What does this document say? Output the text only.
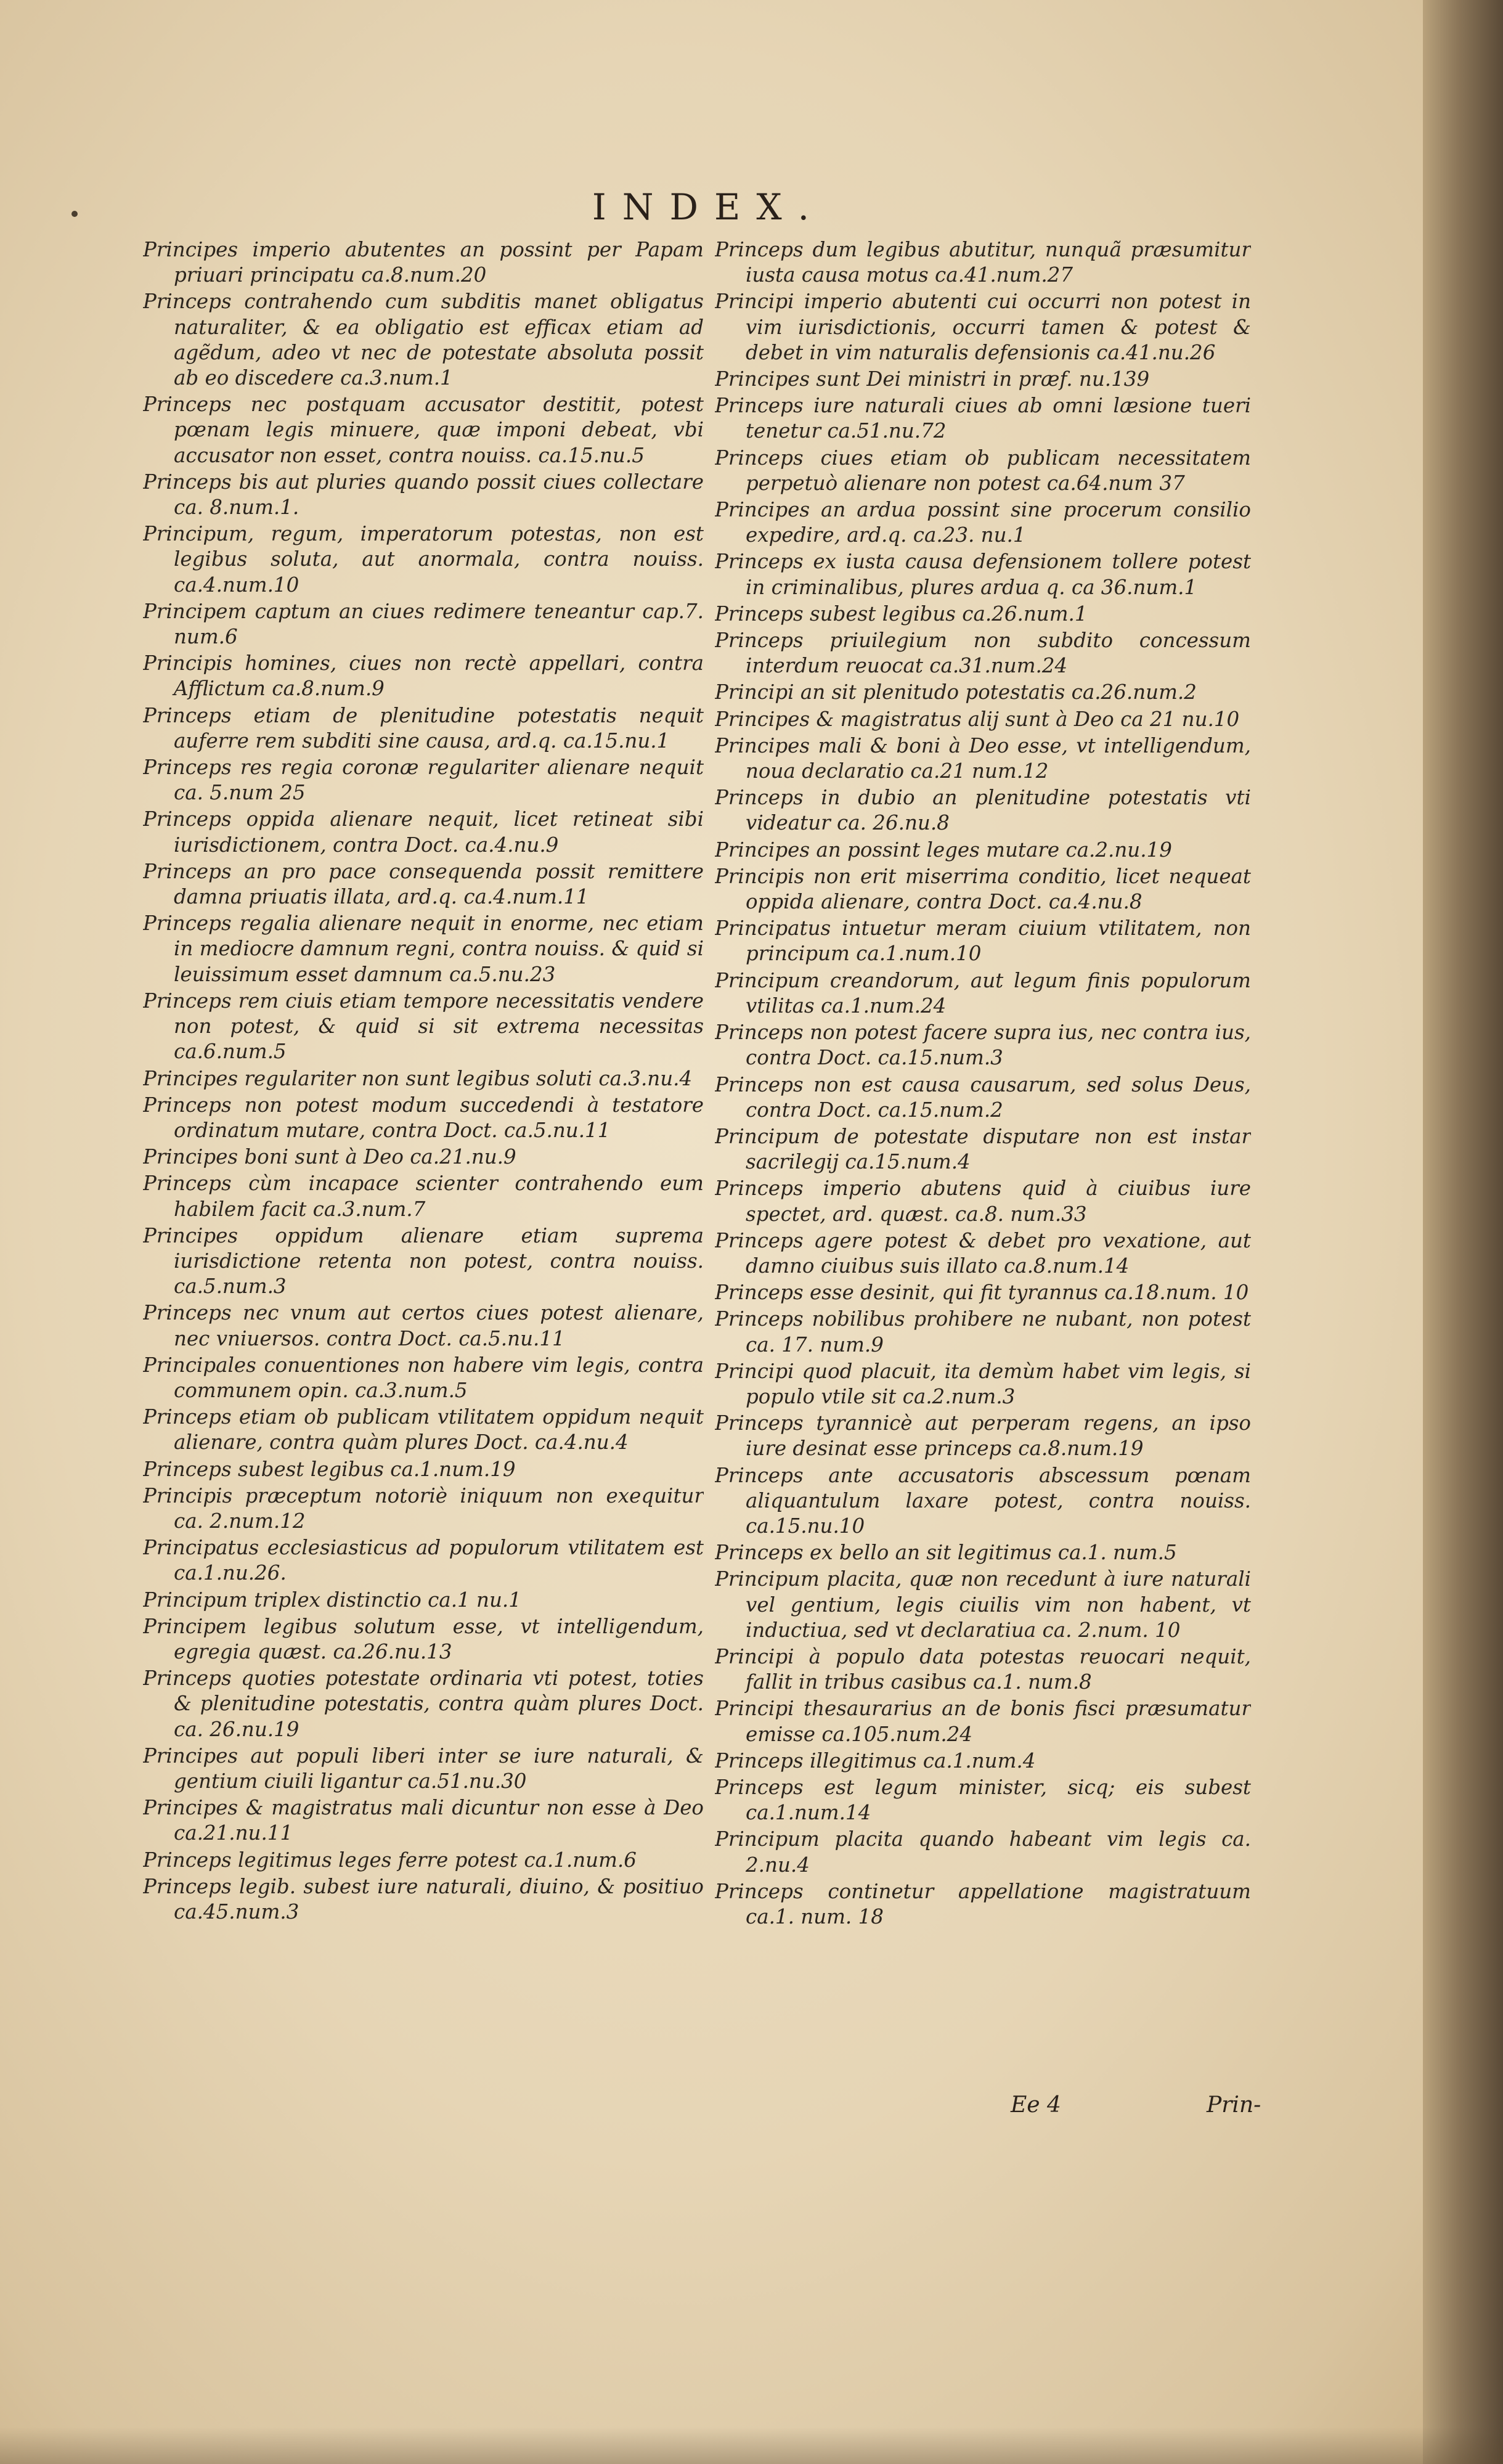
INDEX.

Principes imperio abutentes an possint per Papam priuari principatu ca.8.num.20

Princeps contrahendo cum subditis manet obligatus naturaliter, & ea obligatio est efficax etiam ad agẽdum, adeo vt nec de potestate absoluta possit ab eo discedere ca.3.num.1

Princeps nec postquam accusator destitit, potest pœnam legis minuere, quæ imponi debeat, vbi accusator non esset, contra nouiss. ca.15.nu.5

Princeps bis aut pluries quando possit ciues collectare ca. 8.num.1.

Principum, regum, imperatorum potestas, non est legibus soluta, aut anormala, contra nouiss. ca.4.num.10

Principem captum an ciues redimere teneantur cap.7. num.6

Principis homines, ciues non rectè appellari, contra Afflictum ca.8.num.9

Princeps etiam de plenitudine potestatis nequit auferre rem subditi sine causa, ard.q. ca.15.nu.1

Princeps res regia coronæ regulariter alienare nequit ca. 5.num 25

Princeps oppida alienare nequit, licet retineat sibi iurisdictionem, contra Doct. ca.4.nu.9

Princeps an pro pace consequenda possit remittere damna priuatis illata, ard.q. ca.4.num.11

Princeps regalia alienare nequit in enorme, nec etiam in mediocre damnum regni, contra nouiss. & quid si leuissimum esset damnum ca.5.nu.23

Princeps rem ciuis etiam tempore necessitatis vendere non potest, & quid si sit extrema necessitas ca.6.num.5

Principes regulariter non sunt legibus soluti ca.3.nu.4

Princeps non potest modum succedendi à testatore ordinatum mutare, contra Doct. ca.5.nu.11

Principes boni sunt à Deo ca.21.nu.9

Princeps cùm incapace scienter contrahendo eum habilem facit ca.3.num.7

Principes oppidum alienare etiam suprema iurisdictione retenta non potest, contra nouiss. ca.5.num.3

Princeps nec vnum aut certos ciues potest alienare, nec vniuersos. contra Doct. ca.5.nu.11

Principales conuentiones non habere vim legis, contra communem opin. ca.3.num.5

Princeps etiam ob publicam vtilitatem oppidum nequit alienare, contra quàm plures Doct. ca.4.nu.4

Princeps subest legibus ca.1.num.19

Principis præceptum notoriè iniquum non exequitur ca. 2.num.12

Principatus ecclesiasticus ad populorum vtilitatem est ca.1.nu.26.

Principum triplex distinctio ca.1 nu.1

Principem legibus solutum esse, vt intelligendum, egregia quæst. ca.26.nu.13

Princeps quoties potestate ordinaria vti potest, toties & plenitudine potestatis, contra quàm plures Doct. ca. 26.nu.19

Principes aut populi liberi inter se iure naturali, & gentium ciuili ligantur ca.51.nu.30

Principes & magistratus mali dicuntur non esse à Deo ca.21.nu.11

Princeps legitimus leges ferre potest ca.1.num.6

Princeps legib. subest iure naturali, diuino, & positiuo ca.45.num.3

Princeps dum legibus abutitur, nunquã præsumitur iusta causa motus ca.41.num.27

Principi imperio abutenti cui occurri non potest in vim iurisdictionis, occurri tamen & potest & debet in vim naturalis defensionis ca.41.nu.26

Principes sunt Dei ministri in præf. nu.139

Princeps iure naturali ciues ab omni læsione tueri tenetur ca.51.nu.72

Princeps ciues etiam ob publicam necessitatem perpetuò alienare non potest ca.64.num 37

Principes an ardua possint sine procerum consilio expedire, ard.q. ca.23. nu.1

Princeps ex iusta causa defensionem tollere potest in criminalibus, plures ardua q. ca 36.num.1

Princeps subest legibus ca.26.num.1

Princeps priuilegium non subdito concessum interdum reuocat ca.31.num.24

Principi an sit plenitudo potestatis ca.26.num.2

Principes & magistratus alij sunt à Deo ca 21 nu.10

Principes mali & boni à Deo esse, vt intelligendum, noua declaratio ca.21 num.12

Princeps in dubio an plenitudine potestatis vti videatur ca. 26.nu.8

Principes an possint leges mutare ca.2.nu.19

Principis non erit miserrima conditio, licet nequeat oppida alienare, contra Doct. ca.4.nu.8

Principatus intuetur meram ciuium vtilitatem, non principum ca.1.num.10

Principum creandorum, aut legum finis populorum vtilitas ca.1.num.24

Princeps non potest facere supra ius, nec contra ius, contra Doct. ca.15.num.3

Princeps non est causa causarum, sed solus Deus, contra Doct. ca.15.num.2

Principum de potestate disputare non est instar sacrilegij ca.15.num.4

Princeps imperio abutens quid à ciuibus iure spectet, ard. quæst. ca.8. num.33

Princeps agere potest & debet pro vexatione, aut damno ciuibus suis illato ca.8.num.14

Princeps esse desinit, qui fit tyrannus ca.18.num. 10

Princeps nobilibus prohibere ne nubant, non potest ca. 17. num.9

Principi quod placuit, ita demùm habet vim legis, si populo vtile sit ca.2.num.3

Princeps tyrannicè aut perperam regens, an ipso iure desinat esse princeps ca.8.num.19

Princeps ante accusatoris abscessum pœnam aliquantulum laxare potest, contra nouiss. ca.15.nu.10

Princeps ex bello an sit legitimus ca.1. num.5

Principum placita, quæ non recedunt à iure naturali vel gentium, legis ciuilis vim non habent, vt inductiua, sed vt declaratiua ca. 2.num. 10

Principi à populo data potestas reuocari nequit, fallit in tribus casibus ca.1. num.8

Principi thesaurarius an de bonis fisci præsumatur emisse ca.105.num.24

Princeps illegitimus ca.1.num.4

Princeps est legum minister, sicq; eis subest ca.1.num.14

Principum placita quando habeant vim legis ca. 2.nu.4

Princeps continetur appellatione magistratuum ca.1. num. 18

Ee 4	Prin-
